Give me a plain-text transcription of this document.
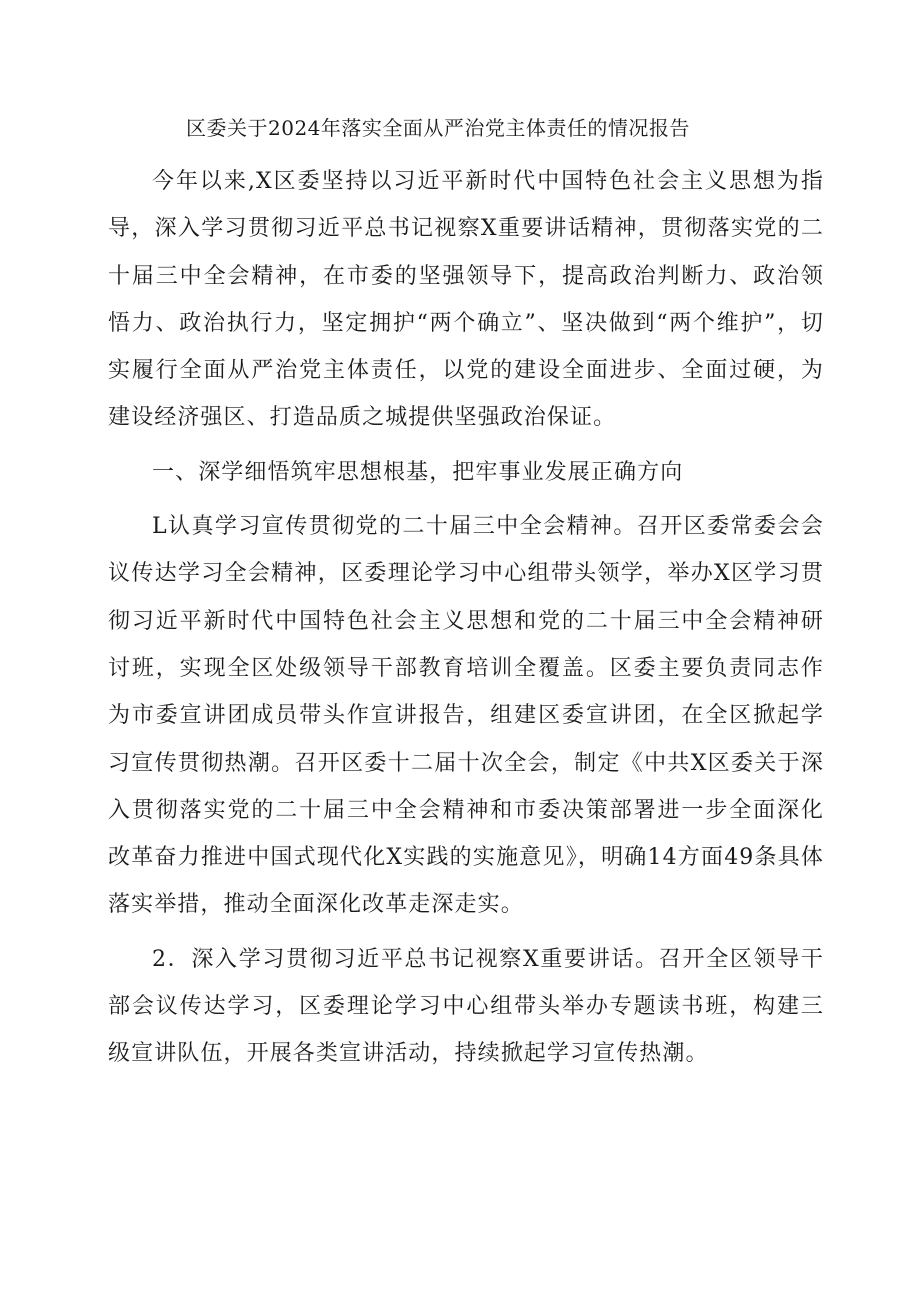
区委关于2024年落实全面从严治党主体责任的情况报告

今年以来,X区委坚持以习近平新时代中国特色社会主义思想为指导，深入学习贯彻习近平总书记视察X重要讲话精神，贯彻落实党的二十届三中全会精神，在市委的坚强领导下，提高政治判断力、政治领悟力、政治执行力，坚定拥护“两个确立”、坚决做到“两个维护”，切实履行全面从严治党主体责任，以党的建设全面进步、全面过硬，为建设经济强区、打造品质之城提供坚强政治保证。

一、深学细悟筑牢思想根基，把牢事业发展正确方向

L认真学习宣传贯彻党的二十届三中全会精神。召开区委常委会会议传达学习全会精神，区委理论学习中心组带头领学，举办X区学习贯彻习近平新时代中国特色社会主义思想和党的二十届三中全会精神研讨班，实现全区处级领导干部教育培训全覆盖。区委主要负责同志作为市委宣讲团成员带头作宣讲报告，组建区委宣讲团，在全区掀起学习宣传贯彻热潮。召开区委十二届十次全会，制定《中共X区委关于深入贯彻落实党的二十届三中全会精神和市委决策部署进一步全面深化改革奋力推进中国式现代化X实践的实施意见》，明确14方面49条具体落实举措，推动全面深化改革走深走实。

2．深入学习贯彻习近平总书记视察X重要讲话。召开全区领导干部会议传达学习，区委理论学习中心组带头举办专题读书班，构建三级宣讲队伍，开展各类宣讲活动，持续掀起学习宣传热潮。
